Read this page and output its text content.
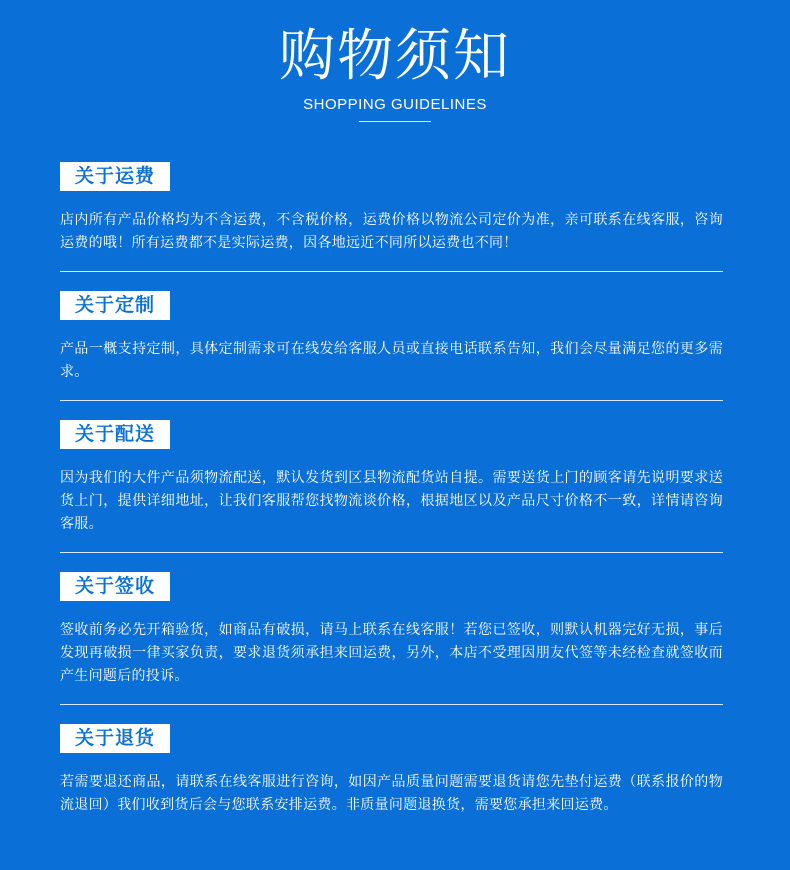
购物须知
SHOPPING GUIDELINES
关于运费
店内所有产品价格均为不含运费，不含税价格，运费价格以物流公司定价为准，亲可联系在线客服，咨询运费的哦！所有运费都不是实际运费，因各地远近不同所以运费也不同！
关于定制
产品一概支持定制，具体定制需求可在线发给客服人员或直接电话联系告知，我们会尽量满足您的更多需求。
关于配送
因为我们的大件产品须物流配送，默认发货到区县物流配货站自提。需要送货上门的顾客请先说明要求送货上门，提供详细地址，让我们客服帮您找物流谈价格，根据地区以及产品尺寸价格不一致，详情请咨询客服。
关于签收
签收前务必先开箱验货，如商品有破损，请马上联系在线客服！若您已签收，则默认机器完好无损，事后发现再破损一律买家负责，要求退货须承担来回运费，另外，本店不受理因朋友代签等未经检查就签收而产生问题后的投诉。
关于退货
若需要退还商品，请联系在线客服进行咨询，如因产品质量问题需要退货请您先垫付运费（联系报价的物流退回）我们收到货后会与您联系安排运费。非质量问题退换货，需要您承担来回运费。
